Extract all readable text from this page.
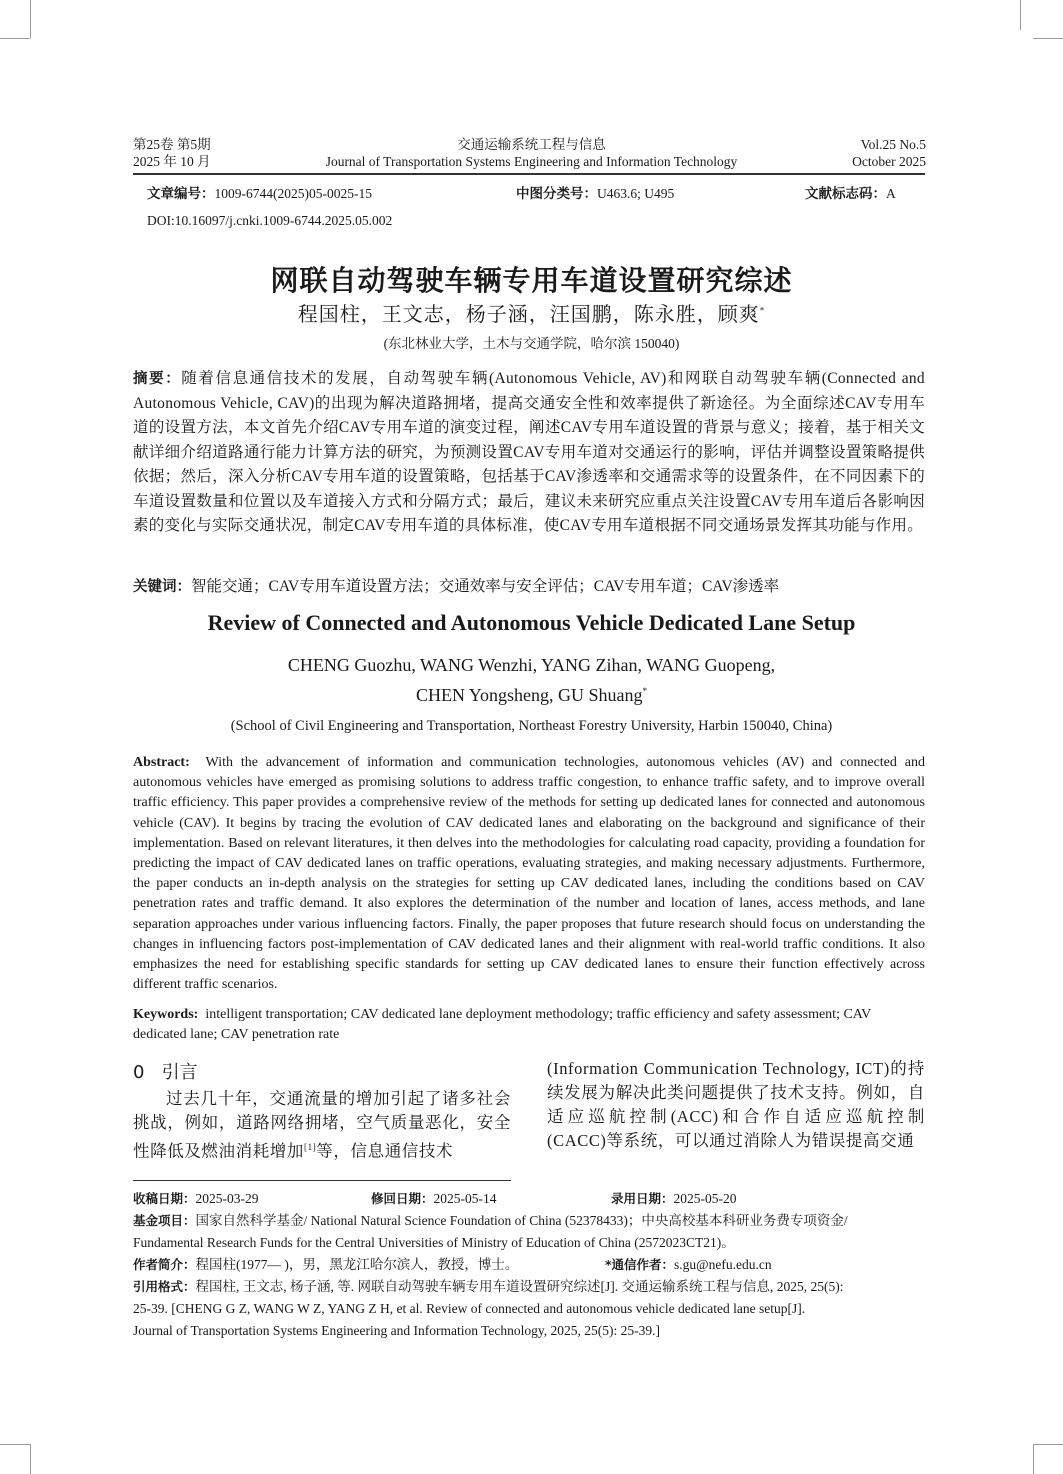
第25卷 第5期
2025 年 10 月
交通运输系统工程与信息
Journal of Transportation Systems Engineering and Information Technology
Vol.25 No.5
October 2025
文章编号：1009-6744(2025)05-0025-15	中图分类号：U463.6; U495	文献标志码：A
DOI:10.16097/j.cnki.1009-6744.2025.05.002
网联自动驾驶车辆专用车道设置研究综述
程国柱，王文志，杨子涵，汪国鹏，陈永胜，顾爽*
(东北林业大学，土木与交通学院，哈尔滨 150040)
摘要：随着信息通信技术的发展，自动驾驶车辆(Autonomous Vehicle, AV)和网联自动驾驶车辆(Connected and Autonomous Vehicle, CAV)的出现为解决道路拥堵，提高交通安全性和效率提供了新途径。为全面综述CAV专用车道的设置方法，本文首先介绍CAV专用车道的演变过程，阐述CAV专用车道设置的背景与意义；接着，基于相关文献详细介绍道路通行能力计算方法的研究，为预测设置CAV专用车道对交通运行的影响，评估并调整设置策略提供依据；然后，深入分析CAV专用车道的设置策略，包括基于CAV渗透率和交通需求等的设置条件，在不同因素下的车道设置数量和位置以及车道接入方式和分隔方式；最后，建议未来研究应重点关注设置CAV专用车道后各影响因素的变化与实际交通状况，制定CAV专用车道的具体标准，使CAV专用车道根据不同交通场景发挥其功能与作用。
关键词：智能交通；CAV专用车道设置方法；交通效率与安全评估；CAV专用车道；CAV渗透率
Review of Connected and Autonomous Vehicle Dedicated Lane Setup
CHENG Guozhu, WANG Wenzhi, YANG Zihan, WANG Guopeng,
CHEN Yongsheng, GU Shuang*
(School of Civil Engineering and Transportation, Northeast Forestry University, Harbin 150040, China)
Abstract: With the advancement of information and communication technologies, autonomous vehicles (AV) and connected and autonomous vehicles have emerged as promising solutions to address traffic congestion, to enhance traffic safety, and to improve overall traffic efficiency. This paper provides a comprehensive review of the methods for setting up dedicated lanes for connected and autonomous vehicle (CAV). It begins by tracing the evolution of CAV dedicated lanes and elaborating on the background and significance of their implementation. Based on relevant literatures, it then delves into the methodologies for calculating road capacity, providing a foundation for predicting the impact of CAV dedicated lanes on traffic operations, evaluating strategies, and making necessary adjustments. Furthermore, the paper conducts an in-depth analysis on the strategies for setting up CAV dedicated lanes, including the conditions based on CAV penetration rates and traffic demand. It also explores the determination of the number and location of lanes, access methods, and lane separation approaches under various influencing factors. Finally, the paper proposes that future research should focus on understanding the changes in influencing factors post-implementation of CAV dedicated lanes and their alignment with real-world traffic conditions. It also emphasizes the need for establishing specific standards for setting up CAV dedicated lanes to ensure their function effectively across different traffic scenarios.
Keywords: intelligent transportation; CAV dedicated lane deployment methodology; traffic efficiency and safety assessment; CAV dedicated lane; CAV penetration rate
0 引言
过去几十年，交通流量的增加引起了诸多社会挑战，例如，道路网络拥堵，空气质量恶化，安全性降低及燃油消耗增加[1]等，信息通信技术
(Information Communication Technology, ICT)的持续发展为解决此类问题提供了技术支持。例如，自适应巡航控制(ACC)和合作自适应巡航控制(CACC)等系统，可以通过消除人为错误提高交通
收稿日期：2025-03-29	修回日期：2025-05-14	录用日期：2025-05-20
基金项目：国家自然科学基金/ National Natural Science Foundation of China (52378433)；中央高校基本科研业务费专项资金/
Fundamental Research Funds for the Central Universities of Ministry of Education of China (2572023CT21)。
作者简介：程国柱(1977— )，男，黑龙江哈尔滨人，教授，博士。	*通信作者：s.gu@nefu.edu.cn
引用格式：程国柱, 王文志, 杨子涵, 等. 网联自动驾驶车辆专用车道设置研究综述[J]. 交通运输系统工程与信息, 2025, 25(5):
25-39. [CHENG G Z, WANG W Z, YANG Z H, et al. Review of connected and autonomous vehicle dedicated lane setup[J].
Journal of Transportation Systems Engineering and Information Technology, 2025, 25(5): 25-39.]
